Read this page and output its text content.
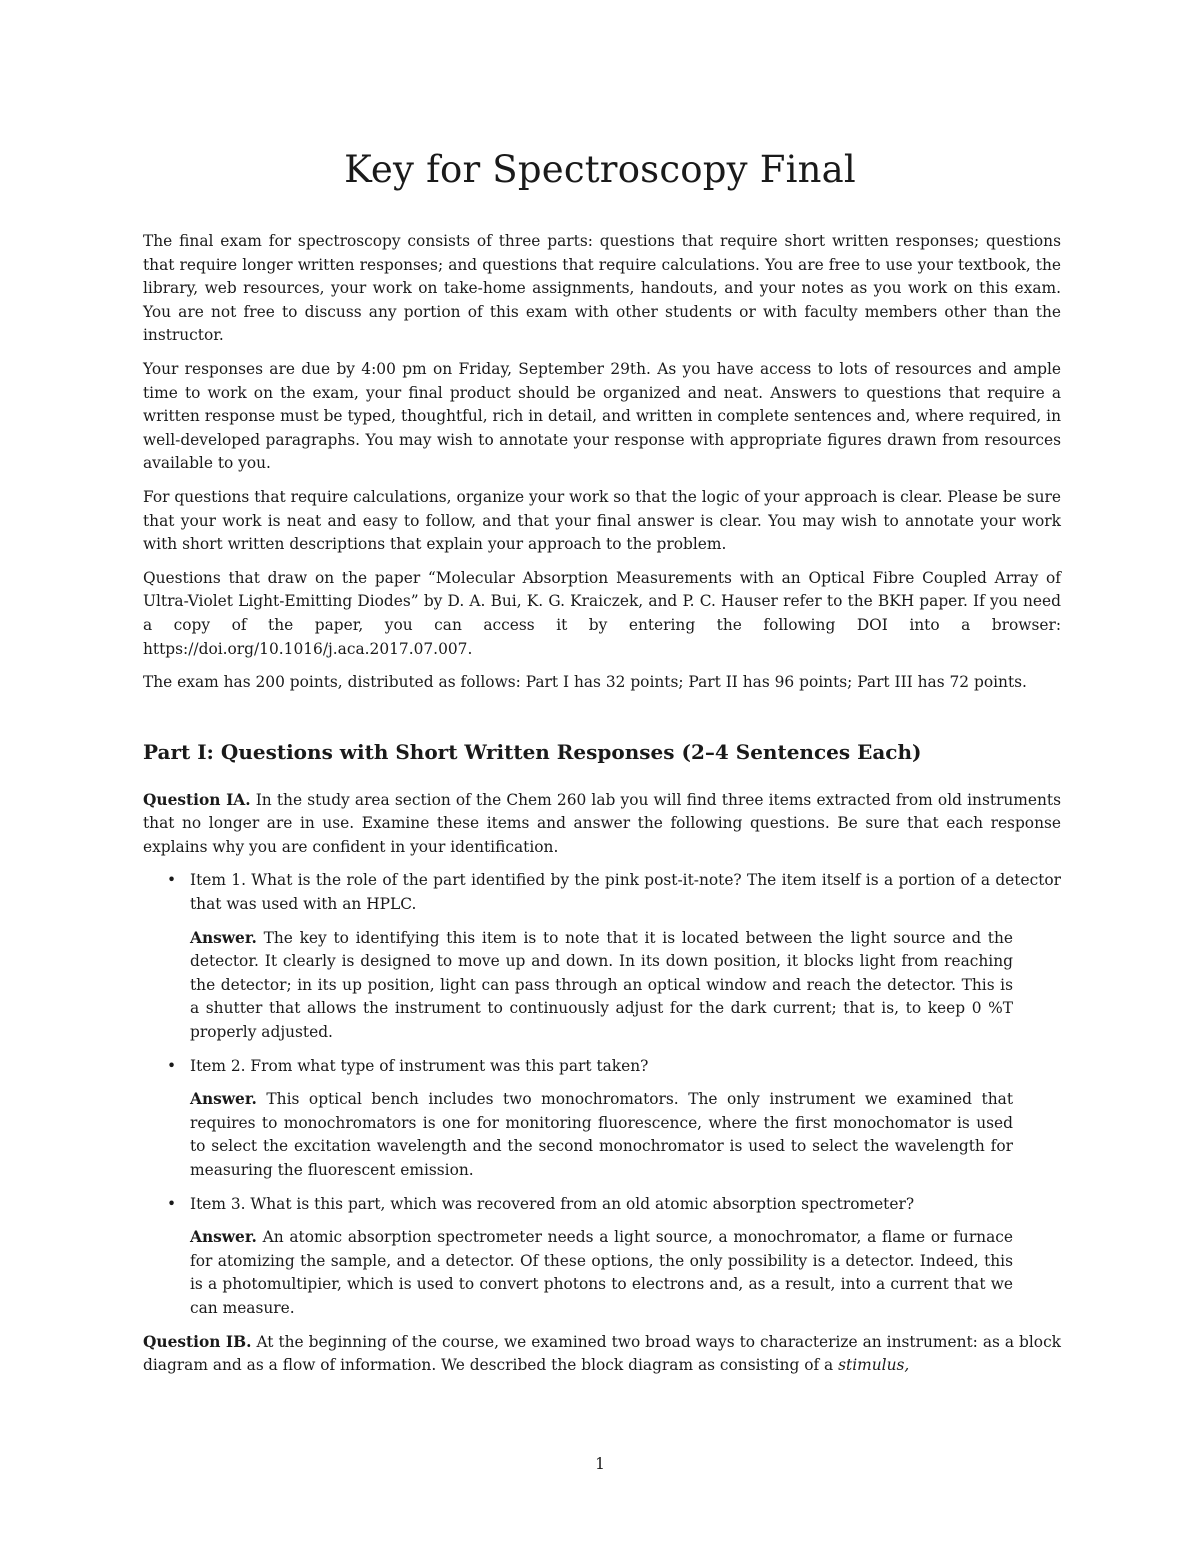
Key for Spectroscopy Final

The final exam for spectroscopy consists of three parts: questions that require short written responses; questions that require longer written responses; and questions that require calculations. You are free to use your textbook, the library, web resources, your work on take-home assignments, handouts, and your notes as you work on this exam. You are not free to discuss any portion of this exam with other students or with faculty members other than the instructor.

Your responses are due by 4:00 pm on Friday, September 29th. As you have access to lots of resources and ample time to work on the exam, your final product should be organized and neat. Answers to questions that require a written response must be typed, thoughtful, rich in detail, and written in complete sentences and, where required, in well-developed paragraphs. You may wish to annotate your response with appropriate figures drawn from resources available to you.

For questions that require calculations, organize your work so that the logic of your approach is clear. Please be sure that your work is neat and easy to follow, and that your final answer is clear. You may wish to annotate your work with short written descriptions that explain your approach to the problem.

Questions that draw on the paper “Molecular Absorption Measurements with an Optical Fibre Coupled Array of Ultra-Violet Light-Emitting Diodes” by D. A. Bui, K. G. Kraiczek, and P. C. Hauser refer to the BKH paper. If you need a copy of the paper, you can access it by entering the following DOI into a browser: https://doi.org/10.1016/j.aca.2017.07.007.

The exam has 200 points, distributed as follows: Part I has 32 points; Part II has 96 points; Part III has 72 points.

Part I: Questions with Short Written Responses (2–4 Sentences Each)

Question IA. In the study area section of the Chem 260 lab you will find three items extracted from old instruments that no longer are in use. Examine these items and answer the following questions. Be sure that each response explains why you are confident in your identification.

• Item 1. What is the role of the part identified by the pink post-it-note? The item itself is a portion of a detector that was used with an HPLC.
Answer. The key to identifying this item is to note that it is located between the light source and the detector. It clearly is designed to move up and down. In its down position, it blocks light from reaching the detector; in its up position, light can pass through an optical window and reach the detector. This is a shutter that allows the instrument to continuously adjust for the dark current; that is, to keep 0 %T properly adjusted.
• Item 2. From what type of instrument was this part taken?
Answer. This optical bench includes two monochromators. The only instrument we examined that requires to monochromators is one for monitoring fluorescence, where the first monochomator is used to select the excitation wavelength and the second monochromator is used to select the wavelength for measuring the fluorescent emission.
• Item 3. What is this part, which was recovered from an old atomic absorption spectrometer?
Answer. An atomic absorption spectrometer needs a light source, a monochromator, a flame or furnace for atomizing the sample, and a detector. Of these options, the only possibility is a detector. Indeed, this is a photomultipier, which is used to convert photons to electrons and, as a result, into a current that we can measure.

Question IB. At the beginning of the course, we examined two broad ways to characterize an instrument: as a block diagram and as a flow of information. We described the block diagram as consisting of a stimulus,

1
